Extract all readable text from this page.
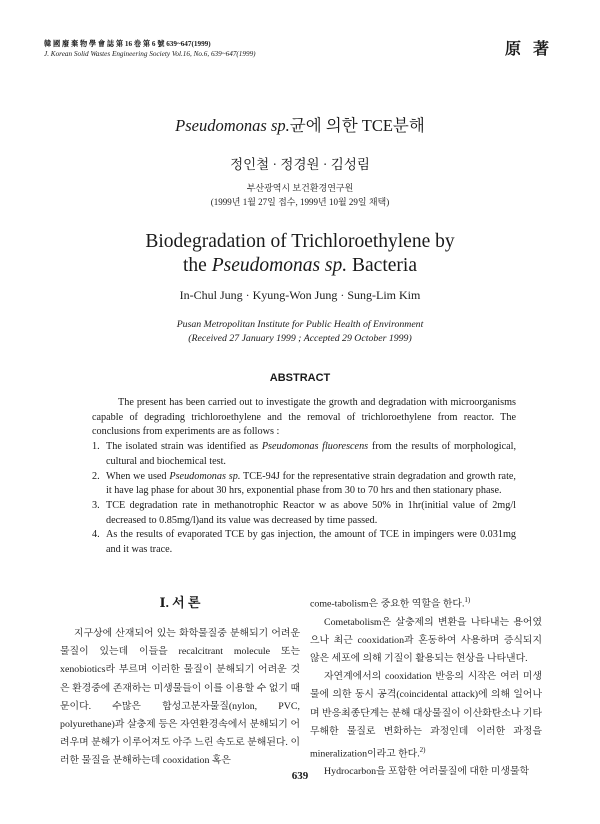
韓 國 廢 棄 物 學 會 誌 第 16 卷 第 6 號 639~647(1999)
J. Korean Solid Wastes Engineering Society Vol.16, No.6, 639~647(1999)	原 著
Pseudomonas sp.균에 의한 TCE분해
정인철 · 정경원 · 김성림
부산광역시 보건환경연구원
(1999년 1월 27일 접수, 1999년 10월 29일 채택)
Biodegradation of Trichloroethylene by
the Pseudomonas sp. Bacteria
In-Chul Jung · Kyung-Won Jung · Sung-Lim Kim
Pusan Metropolitan Institute for Public Health of Environment
(Received 27 January 1999 ; Accepted 29 October 1999)
ABSTRACT

The present has been carried out to investigate the growth and degradation with microorganisms capable of degrading trichloroethylene and the removal of trichloroethylene from reactor. The conclusions from experiments are as follows :

1. The isolated strain was identified as Pseudomonas fluorescens from the results of morphological, cultural and biochemical test.
2. When we used Pseudomonas sp. TCE-94J for the representative strain degradation and growth rate, it have lag phase for about 30 hrs, exponential phase from 30 to 70 hrs and then stationary phase.
3. TCE degradation rate in methanotrophic Reactor w as above 50% in 1hr(initial value of 2mg/l decreased to 0.85mg/l)and its value was decreased by time passed.
4. As the results of evaporated TCE by gas injection, the amount of TCE in impingers were 0.031mg and it was trace.
Ⅰ. 서 론

지구상에 산재되어 있는 화학물질중 분해되기 어려운 물질이 있는데 이들을 recalcitrant molecule 또는 xenobiotics라 부르며 이러한 물질이 분해되기 어려운 것은 환경중에 존재하는 미생물들이 이를 이용할 수 없기 때문이다. 수많은 합성고분자물질(nylon, PVC, polyurethane)과 살충제 등은 자연환경속에서 분해되기 어려우며 분해가 이루어져도 아주 느린 속도로 분해된다. 이러한 물질을 분해하는데 cooxidation 혹은

come-tabolism은 중요한 역할을 한다.$^{1)}$

Cometabolism은 살충제의 변환을 나타내는 용어였으나 최근 cooxidation과 혼동하여 사용하며 증식되지 않은 세포에 의해 기질이 활용되는 현상을 나타낸다.

자연계에서의 cooxidation 반응의 시작은 여러 미생물에 의한 동시 공격(coincidental attack)에 의해 일어나며 반응최종단계는 분해 대상물질이 이산화탄소나 기타 무해한 물질로 변화하는 과정인데 이러한 과정을 mineralization이라고 한다.$^{2)}$

Hydrocarbon을 포함한 여러물질에 대한 미생물학

639
